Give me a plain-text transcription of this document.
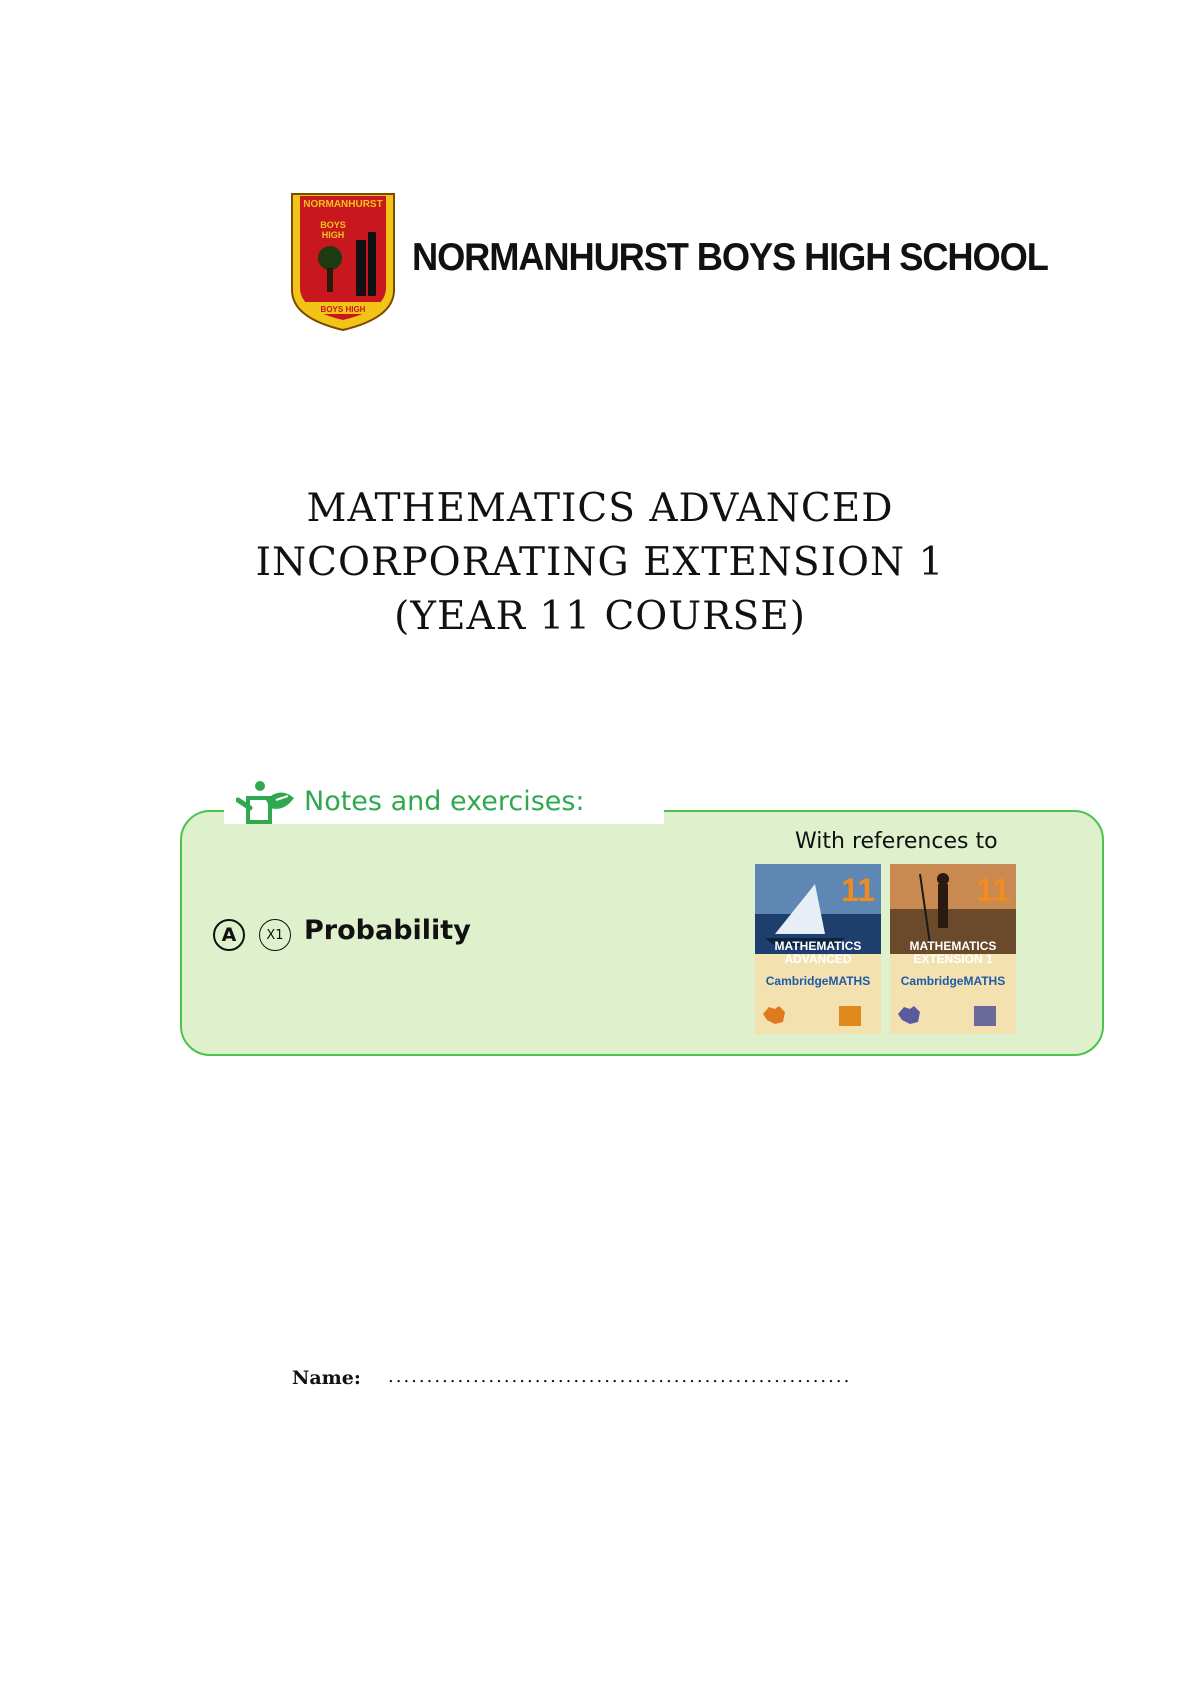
NORMANHURST
BOYS
HIGH
BOYS HIGH
NORMANHURST BOYS HIGH SCHOOL
MATHEMATICS ADVANCED
INCORPORATING EXTENSION 1
(YEAR 11 COURSE)
Notes and exercises:
With references to
A	X1 Probability
11
MATHEMATICS
ADVANCED
CambridgeMATHS
11
MATHEMATICS
EXTENSION 1
CambridgeMATHS
Name: ............................................................
